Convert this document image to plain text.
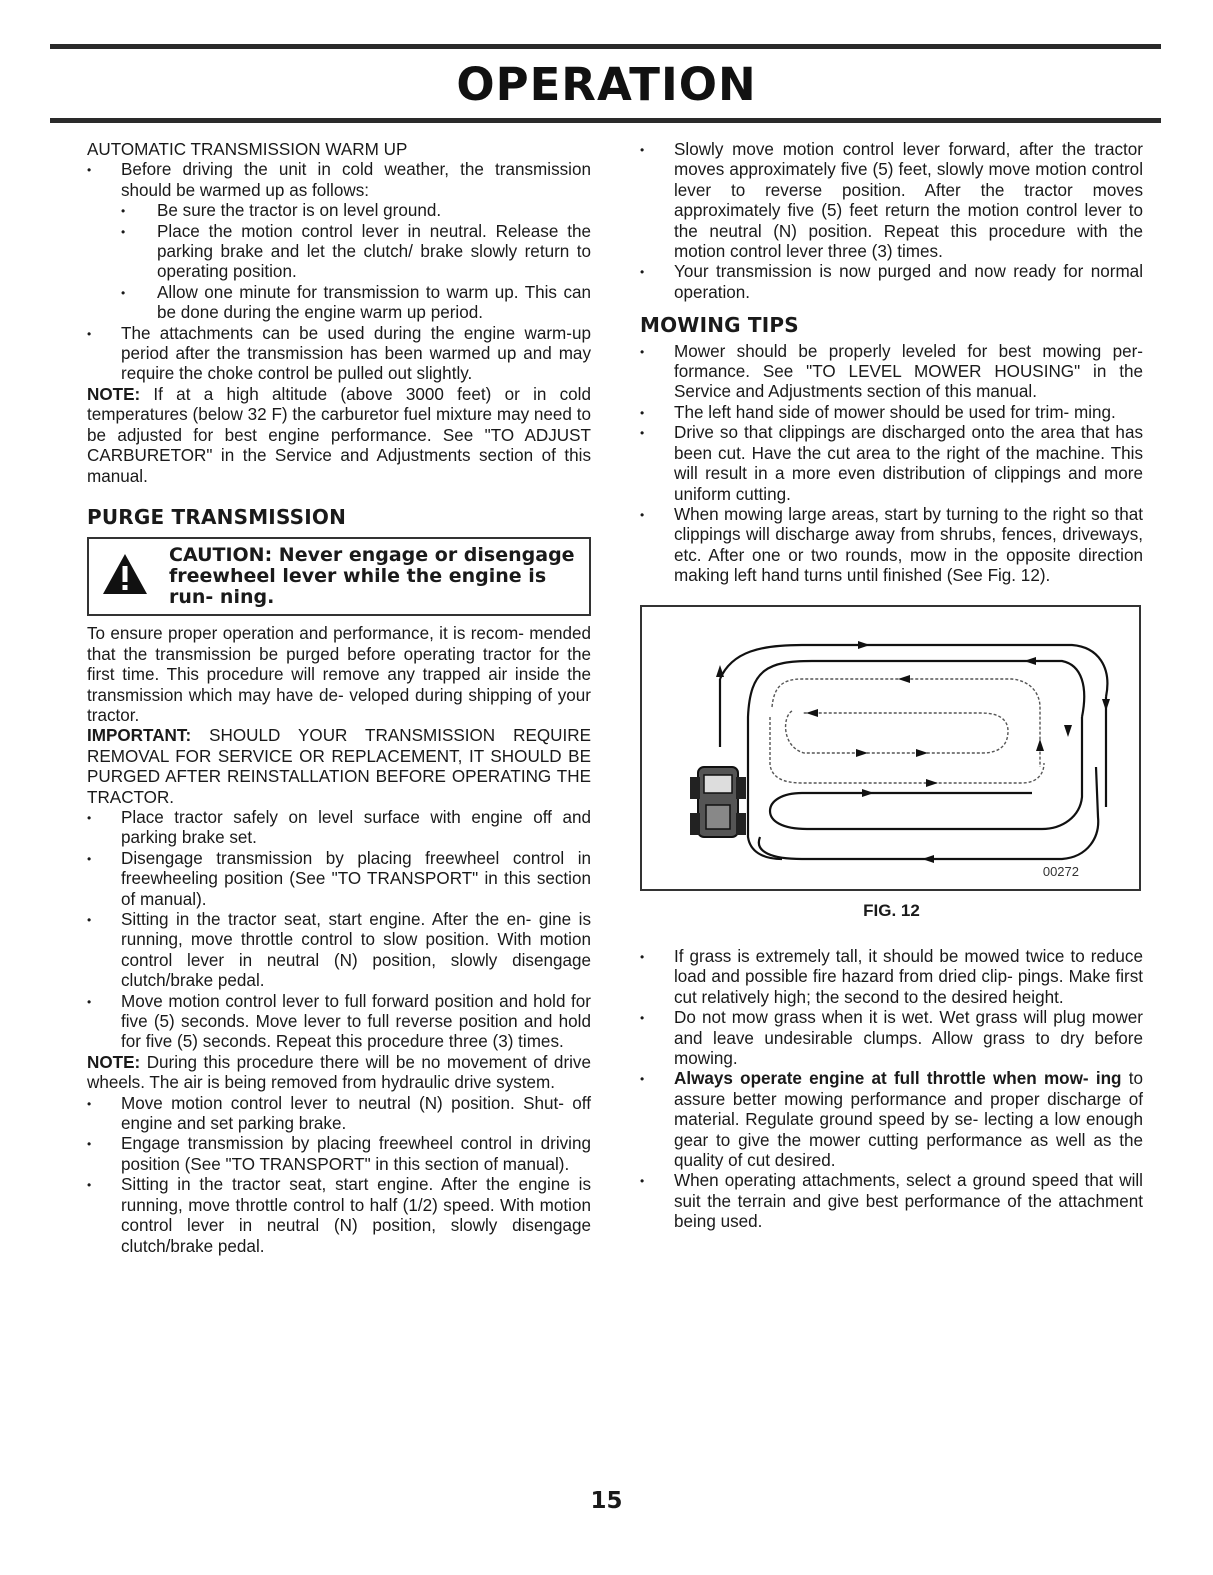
OPERATION

AUTOMATIC TRANSMISSION WARM UP

• Before driving the unit in cold weather, the transmission should be warmed up as follows:
• Be sure the tractor is on level ground.
• Place the motion control lever in neutral. Release the parking brake and let the clutch/ brake slowly return to operating position.
• Allow one minute for transmission to warm up. This can be done during the engine warm up period.
• The attachments can be used during the engine warm-up period after the transmission has been warmed up and may require the choke control be pulled out slightly.

NOTE: If at a high altitude (above 3000 feet) or in cold temperatures (below 32 F) the carburetor fuel mixture may need to be adjusted for best engine performance. See "TO ADJUST CARBURETOR" in the Service and Adjustments section of this manual.

PURGE TRANSMISSION
CAUTION: Never engage or disengage freewheel lever while the engine is run- ning.

To ensure proper operation and performance, it is recom- mended that the transmission be purged before operating tractor for the first time. This procedure will remove any trapped air inside the transmission which may have de- veloped during shipping of your tractor.

IMPORTANT: SHOULD YOUR TRANSMISSION REQUIRE REMOVAL FOR SERVICE OR REPLACEMENT, IT SHOULD BE PURGED AFTER REINSTALLATION BEFORE OPERATING THE TRACTOR.

• Place tractor safely on level surface with engine off and parking brake set.
• Disengage transmission by placing freewheel control in freewheeling position (See "TO TRANSPORT" in this section of manual).
• Sitting in the tractor seat, start engine. After the en- gine is running, move throttle control to slow position. With motion control lever in neutral (N) position, slowly disengage clutch/brake pedal.
• Move motion control lever to full forward position and hold for five (5) seconds. Move lever to full reverse position and hold for five (5) seconds. Repeat this procedure three (3) times.

NOTE: During this procedure there will be no movement of drive wheels. The air is being removed from hydraulic drive system.

• Move motion control lever to neutral (N) position. Shut- off engine and set parking brake.
• Engage transmission by placing freewheel control in driving position (See "TO TRANSPORT" in this section of manual).
• Sitting in the tractor seat, start engine. After the engine is running, move throttle control to half (1/2) speed. With motion control lever in neutral (N) position, slowly disengage clutch/brake pedal.
• Slowly move motion control lever forward, after the tractor moves approximately five (5) feet, slowly move motion control lever to reverse position. After the tractor moves approximately five (5) feet return the motion control lever to the neutral (N) position. Repeat this procedure with the motion control lever three (3) times.
• Your transmission is now purged and now ready for normal operation.
MOWING TIPS
• Mower should be properly leveled for best mowing per- formance. See "TO LEVEL MOWER HOUSING" in the Service and Adjustments section of this manual.
• The left hand side of mower should be used for trim- ming.
• Drive so that clippings are discharged onto the area that has been cut. Have the cut area to the right of the machine. This will result in a more even distribution of clippings and more uniform cutting.
• When mowing large areas, start by turning to the right so that clippings will discharge away from shrubs, fences, driveways, etc. After one or two rounds, mow in the opposite direction making left hand turns until finished (See Fig. 12).
00272
FIG. 12
• If grass is extremely tall, it should be mowed twice to reduce load and possible fire hazard from dried clip- pings. Make first cut relatively high; the second to the desired height.
• Do not mow grass when it is wet. Wet grass will plug mower and leave undesirable clumps. Allow grass to dry before mowing.
• Always operate engine at full throttle when mow- ing to assure better mowing performance and proper discharge of material. Regulate ground speed by se- lecting a low enough gear to give the mower cutting performance as well as the quality of cut desired.
• When operating attachments, select a ground speed that will suit the terrain and give best performance of the attachment being used.
15
